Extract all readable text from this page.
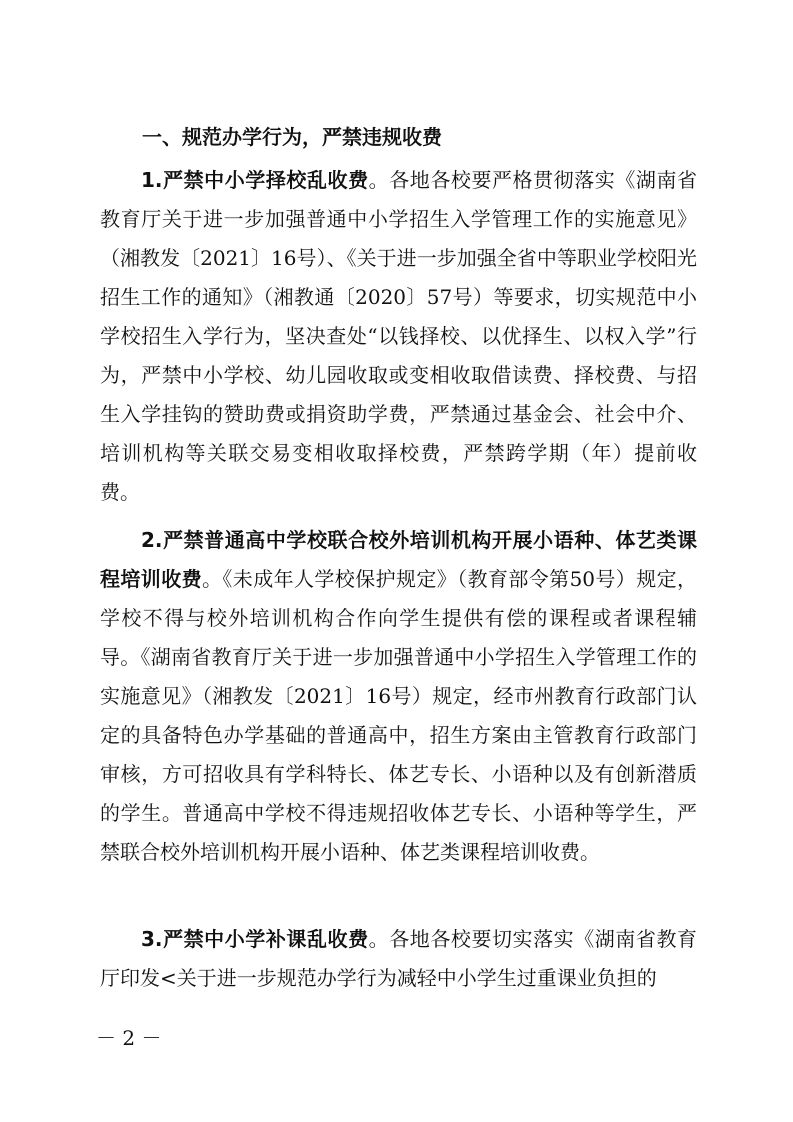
一、规范办学行为，严禁违规收费

1.严禁中小学择校乱收费。各地各校要严格贯彻落实《湖南省教育厅关于进一步加强普通中小学招生入学管理工作的实施意见》（湘教发〔2021〕16号）、《关于进一步加强全省中等职业学校阳光招生工作的通知》（湘教通〔2020〕57号）等要求，切实规范中小学校招生入学行为，坚决查处“以钱择校、以优择生、以权入学”行为，严禁中小学校、幼儿园收取或变相收取借读费、择校费、与招生入学挂钩的赞助费或捐资助学费，严禁通过基金会、社会中介、培训机构等关联交易变相收取择校费，严禁跨学期（年）提前收费。

2.严禁普通高中学校联合校外培训机构开展小语种、体艺类课程培训收费。《未成年人学校保护规定》（教育部令第50号）规定，学校不得与校外培训机构合作向学生提供有偿的课程或者课程辅导。《湖南省教育厅关于进一步加强普通中小学招生入学管理工作的实施意见》（湘教发〔2021〕16号）规定，经市州教育行政部门认定的具备特色办学基础的普通高中，招生方案由主管教育行政部门审核，方可招收具有学科特长、体艺专长、小语种以及有创新潜质的学生。普通高中学校不得违规招收体艺专长、小语种等学生，严禁联合校外培训机构开展小语种、体艺类课程培训收费。

3.严禁中小学补课乱收费。各地各校要切实落实《湖南省教育厅印发<关于进一步规范办学行为减轻中小学生过重课业负担的

－ 2 －
